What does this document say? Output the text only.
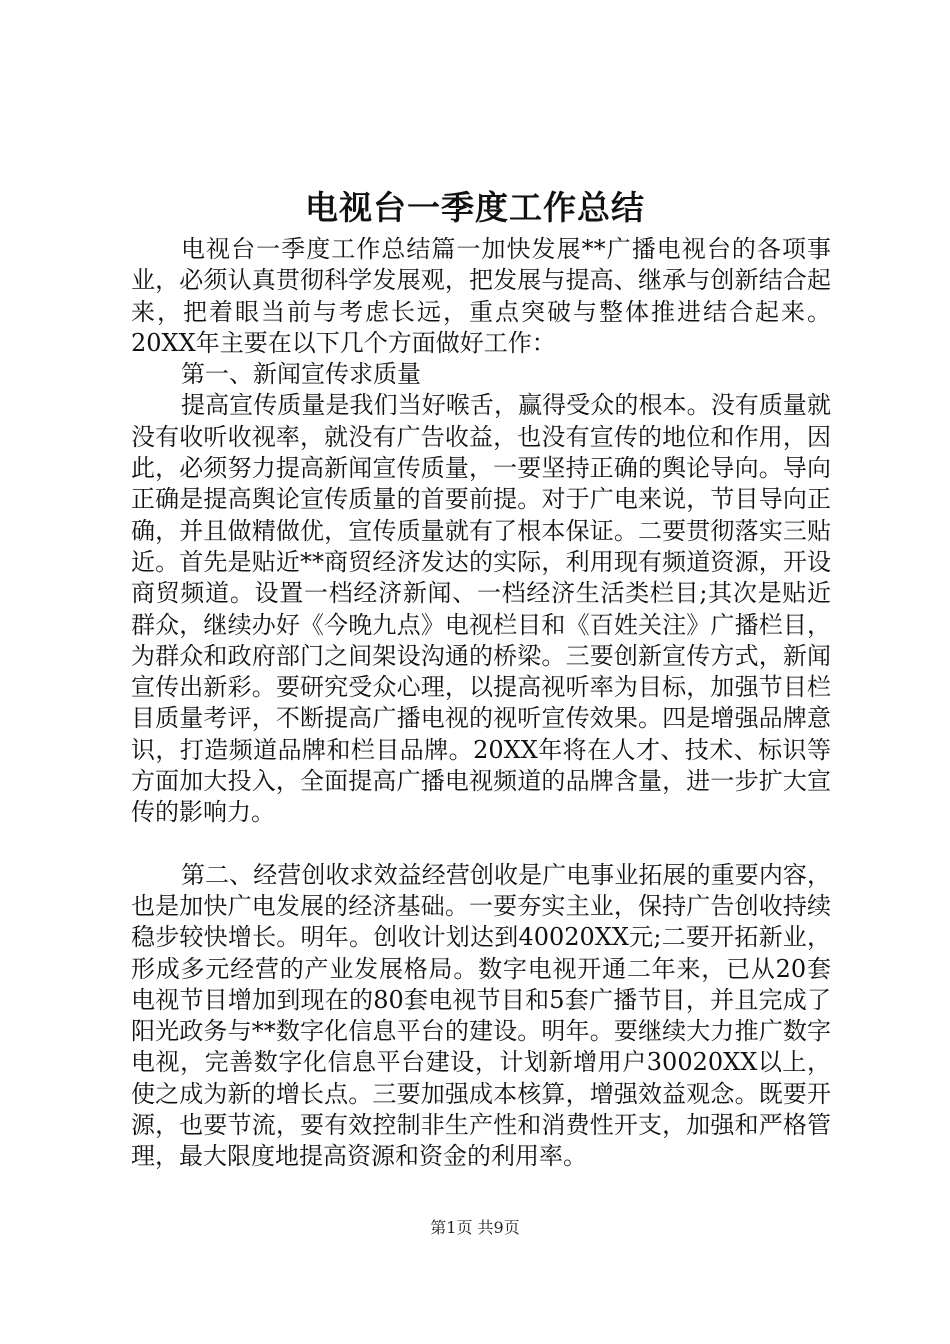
电视台一季度工作总结

电视台一季度工作总结篇一加快发展**广播电视台的各项事业，必须认真贯彻科学发展观，把发展与提高、继承与创新结合起来，把着眼当前与考虑长远，重点突破与整体推进结合起来。20XX年主要在以下几个方面做好工作：

第一、新闻宣传求质量

提高宣传质量是我们当好喉舌，赢得受众的根本。没有质量就没有收听收视率，就没有广告收益，也没有宣传的地位和作用，因此，必须努力提高新闻宣传质量，一要坚持正确的舆论导向。导向正确是提高舆论宣传质量的首要前提。对于广电来说，节目导向正确，并且做精做优，宣传质量就有了根本保证。二要贯彻落实三贴近。首先是贴近**商贸经济发达的实际，利用现有频道资源，开设商贸频道。设置一档经济新闻、一档经济生活类栏目;其次是贴近群众，继续办好《今晚九点》电视栏目和《百姓关注》广播栏目，为群众和政府部门之间架设沟通的桥梁。三要创新宣传方式，新闻宣传出新彩。要研究受众心理，以提高视听率为目标，加强节目栏目质量考评，不断提高广播电视的视听宣传效果。四是增强品牌意识，打造频道品牌和栏目品牌。20XX年将在人才、技术、标识等方面加大投入，全面提高广播电视频道的品牌含量，进一步扩大宣传的影响力。

第二、经营创收求效益经营创收是广电事业拓展的重要内容，也是加快广电发展的经济基础。一要夯实主业，保持广告创收持续稳步较快增长。明年。创收计划达到40020XX元;二要开拓新业，形成多元经营的产业发展格局。数字电视开通二年来，已从20套电视节目增加到现在的80套电视节目和5套广播节目，并且完成了阳光政务与**数字化信息平台的建设。明年。要继续大力推广数字电视，完善数字化信息平台建设，计划新增用户30020XX以上，使之成为新的增长点。三要加强成本核算，增强效益观念。既要开源，也要节流，要有效控制非生产性和消费性开支，加强和严格管理，最大限度地提高资源和资金的利用率。

第1页 共9页
